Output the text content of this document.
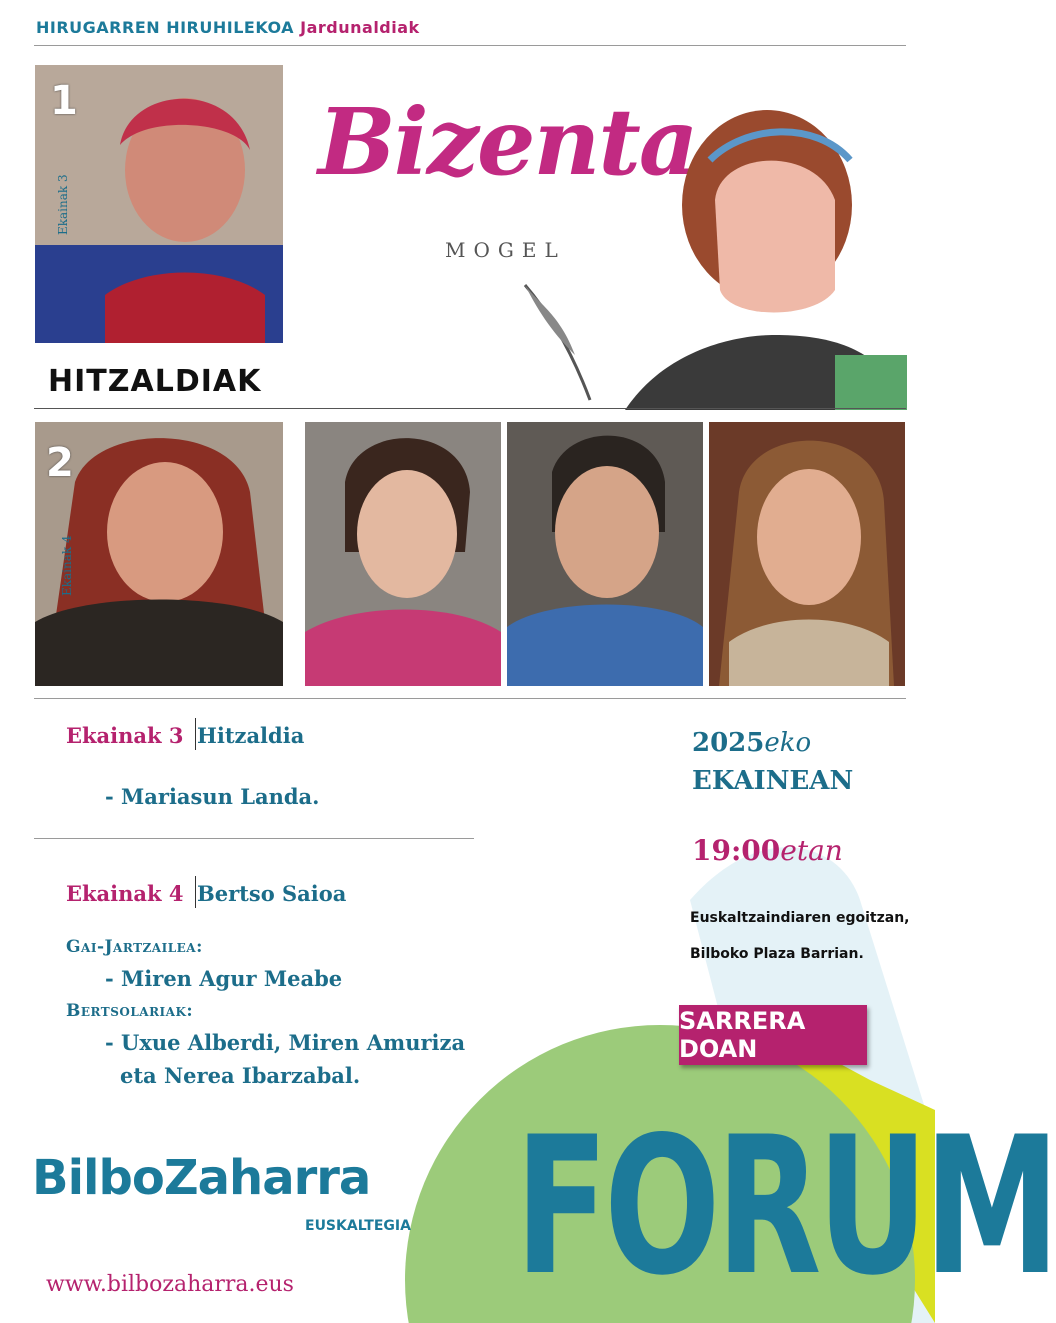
HIRUGARREN HIRUHILEKOA Jardunaldiak
1
Ekainak 3
Bizenta
MOGEL
HITZALDIAK
2
Ekainak 4
Ekainak 3 Hitzaldia
- Mariasun Landa.
Ekainak 4 Bertso Saioa
Gai-Jartzailea:
- Miren Agur Meabe
Bertsolariak:
- Uxue Alberdi, Miren Amuriza
eta Nerea Ibarzabal.
2025eko
EKAINEAN
19:00etan
Euskaltzaindiaren egoitzan,
Bilboko Plaza Barrian.
SARRERA DOAN
BilboZaharra
EUSKALTEGIA
www.bilbozaharra.eus FORUM
